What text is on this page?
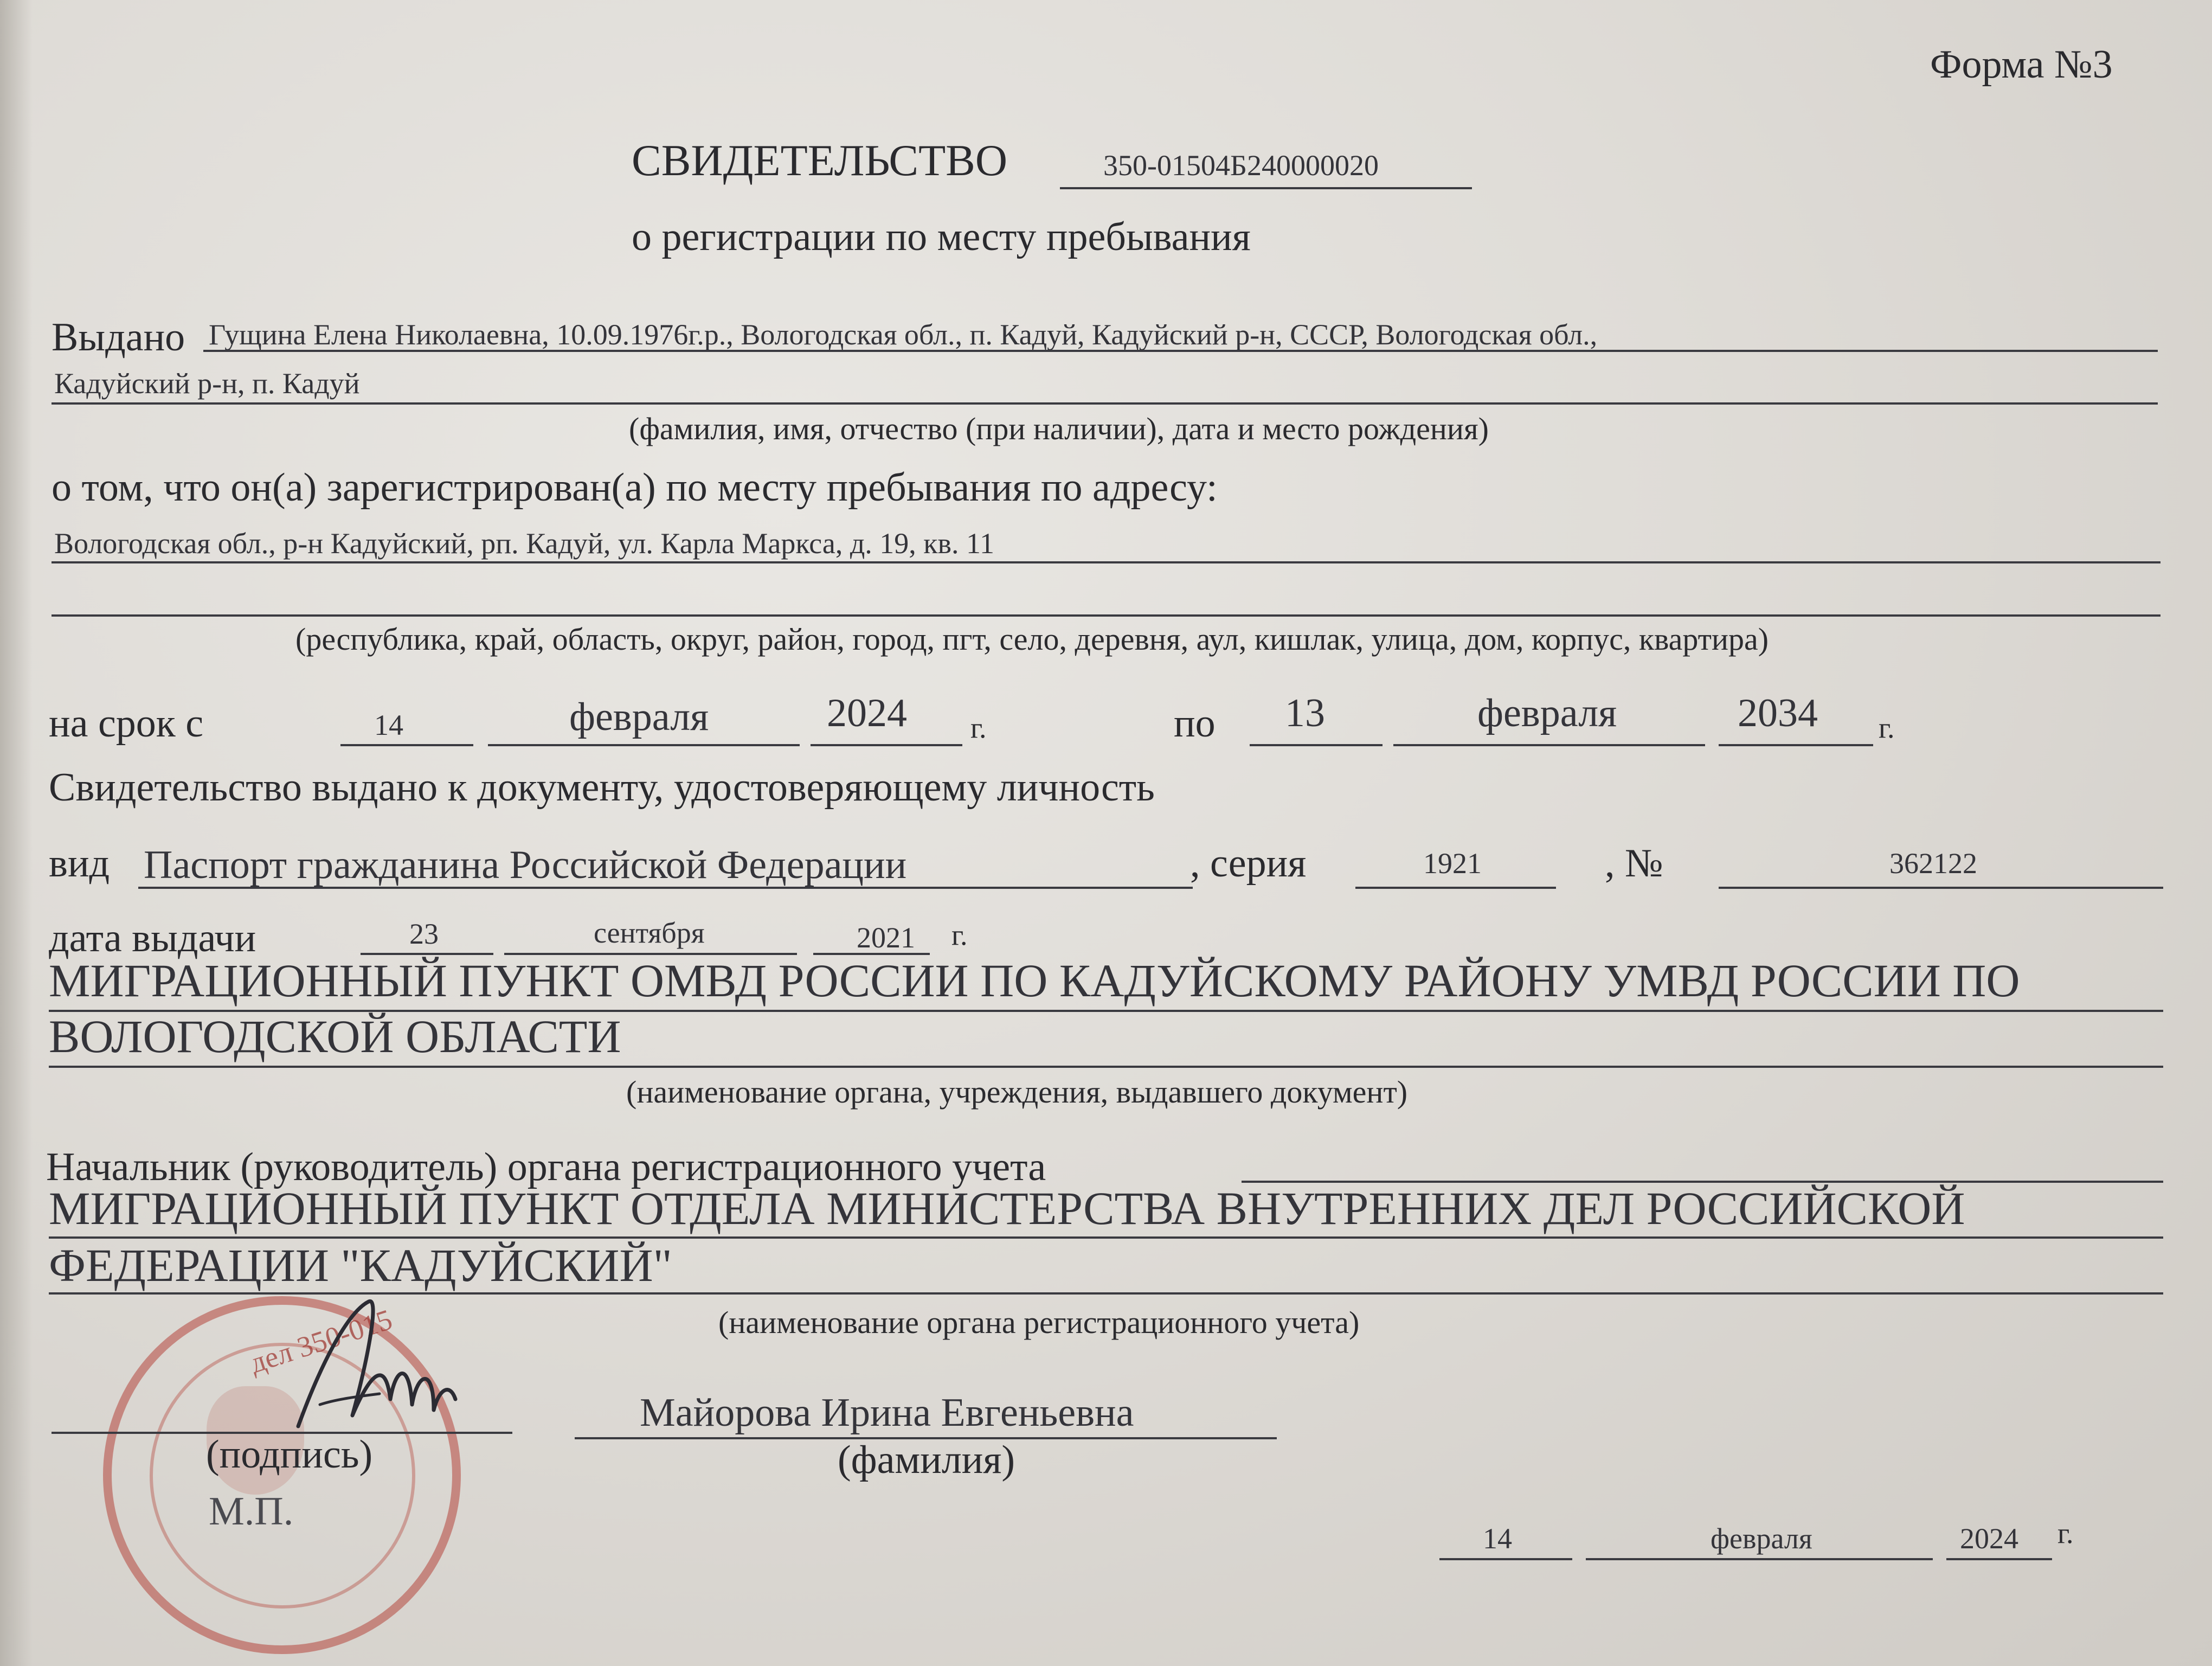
Форма №3
СВИДЕТЕЛЬСТВО	350-01504Б240000020
о регистрации по месту пребывания
Выдано Гущина Елена Николаевна, 10.09.1976г.р., Вологодская обл., п. Кадуй, Кадуйский р-н, СССР, Вологодская обл.,
Кадуйский р-н, п. Кадуй
(фамилия, имя, отчество (при наличии), дата и место рождения)
о том, что он(а) зарегистрирован(а) по месту пребывания по адресу:
Вологодская обл., р-н Кадуйский, рп. Кадуй, ул. Карла Маркса, д. 19, кв. 11
(республика, край, область, округ, район, город, пгт, село, деревня, аул, кишлак, улица, дом, корпус, квартира)
на срок с	14	февраля	2024 г.	по 13	февраля	2034 г.
Свидетельство выдано к документу, удостоверяющему личность
вид Паспорт гражданина Российской Федерации	, серия	1921	, №	362122
дата выдачи	23	сентября	2021 г.
МИГРАЦИОННЫЙ ПУНКТ ОМВД РОССИИ ПО КАДУЙСКОМУ РАЙОНУ УМВД РОССИИ ПО
ВОЛОГОДСКОЙ ОБЛАСТИ
(наименование органа, учреждения, выдавшего документ)
Начальник (руководитель) органа регистрационного учета
МИГРАЦИОННЫЙ ПУНКТ ОТДЕЛА МИНИСТЕРСТВА ВНУТРЕННИХ ДЕЛ РОССИЙСКОЙ
ФЕДЕРАЦИИ "КАДУЙСКИЙ"
(наименование органа регистрационного учета)
дел 350-015
(подпись)
Майорова Ирина Евгеньевна
(фамилия)
М.П.
14	февраля	2024 г.
